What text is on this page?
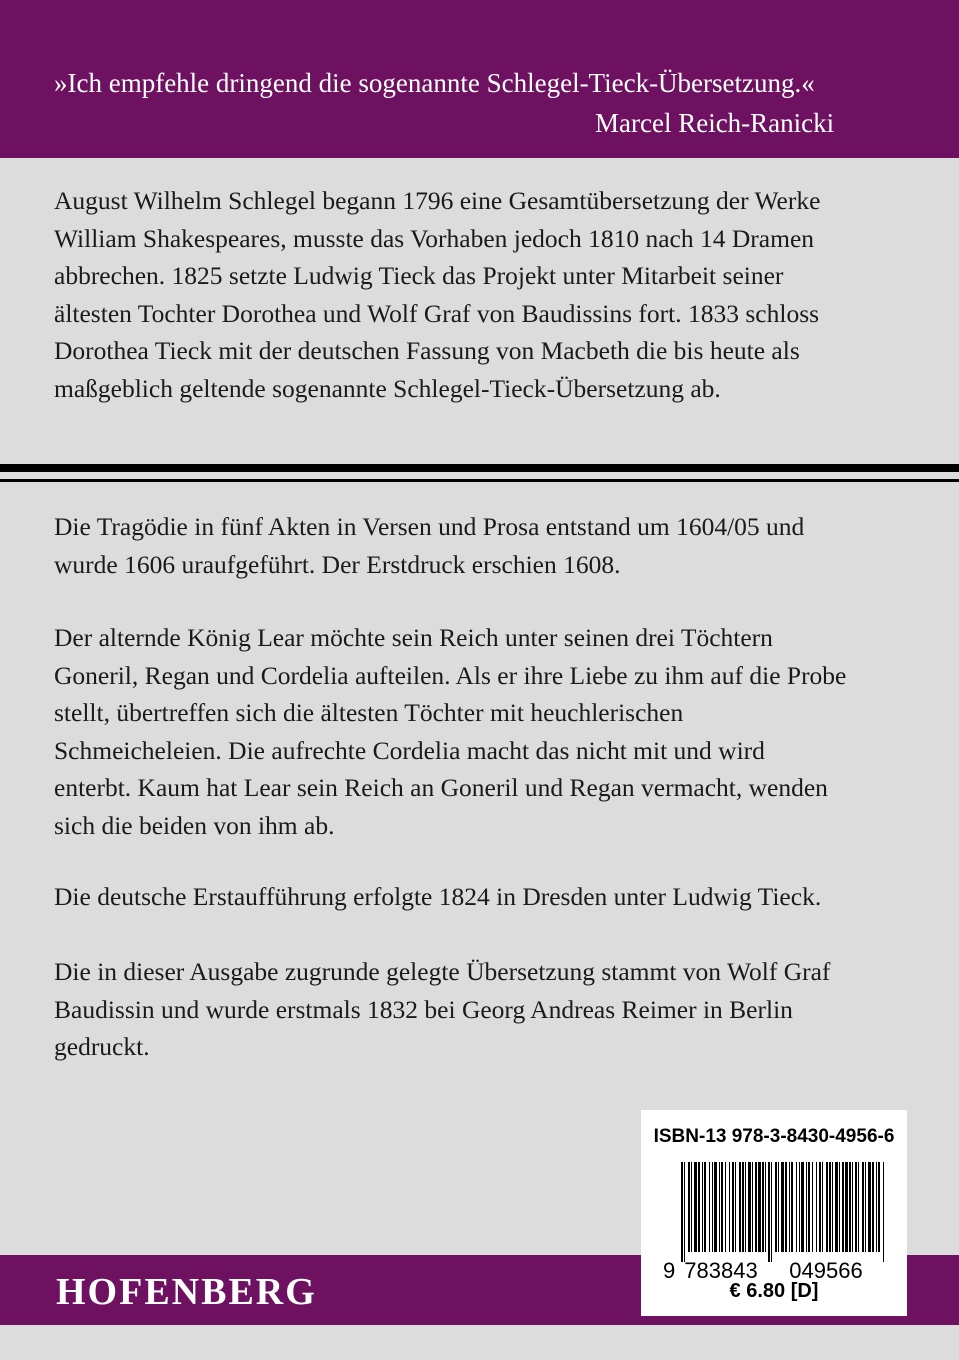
»Ich empfehle dringend die sogenannte Schlegel-Tieck-Übersetzung.«
Marcel Reich-Ranicki
August Wilhelm Schlegel begann 1796 eine Gesamtübersetzung der Werke
William Shakespeares, musste das Vorhaben jedoch 1810 nach 14 Dramen
abbrechen. 1825 setzte Ludwig Tieck das Projekt unter Mitarbeit seiner
ältesten Tochter Dorothea und Wolf Graf von Baudissins fort. 1833 schloss
Dorothea Tieck mit der deutschen Fassung von Macbeth die bis heute als
maßgeblich geltende sogenannte Schlegel-Tieck-Übersetzung ab.
Die Tragödie in fünf Akten in Versen und Prosa entstand um 1604/05 und
wurde 1606 uraufgeführt. Der Erstdruck erschien 1608.
Der alternde König Lear möchte sein Reich unter seinen drei Töchtern
Goneril, Regan und Cordelia aufteilen. Als er ihre Liebe zu ihm auf die Probe
stellt, übertreffen sich die ältesten Töchter mit heuchlerischen
Schmeicheleien. Die aufrechte Cordelia macht das nicht mit und wird
enterbt. Kaum hat Lear sein Reich an Goneril und Regan vermacht, wenden
sich die beiden von ihm ab.
Die deutsche Erstaufführung erfolgte 1824 in Dresden unter Ludwig Tieck.
Die in dieser Ausgabe zugrunde gelegte Übersetzung stammt von Wolf Graf
Baudissin und wurde erstmals 1832 bei Georg Andreas Reimer in Berlin
gedruckt.
HOFENBERG
ISBN-13 978-3-8430-4956-6
9 783843 049566
€ 6.80 [D]
